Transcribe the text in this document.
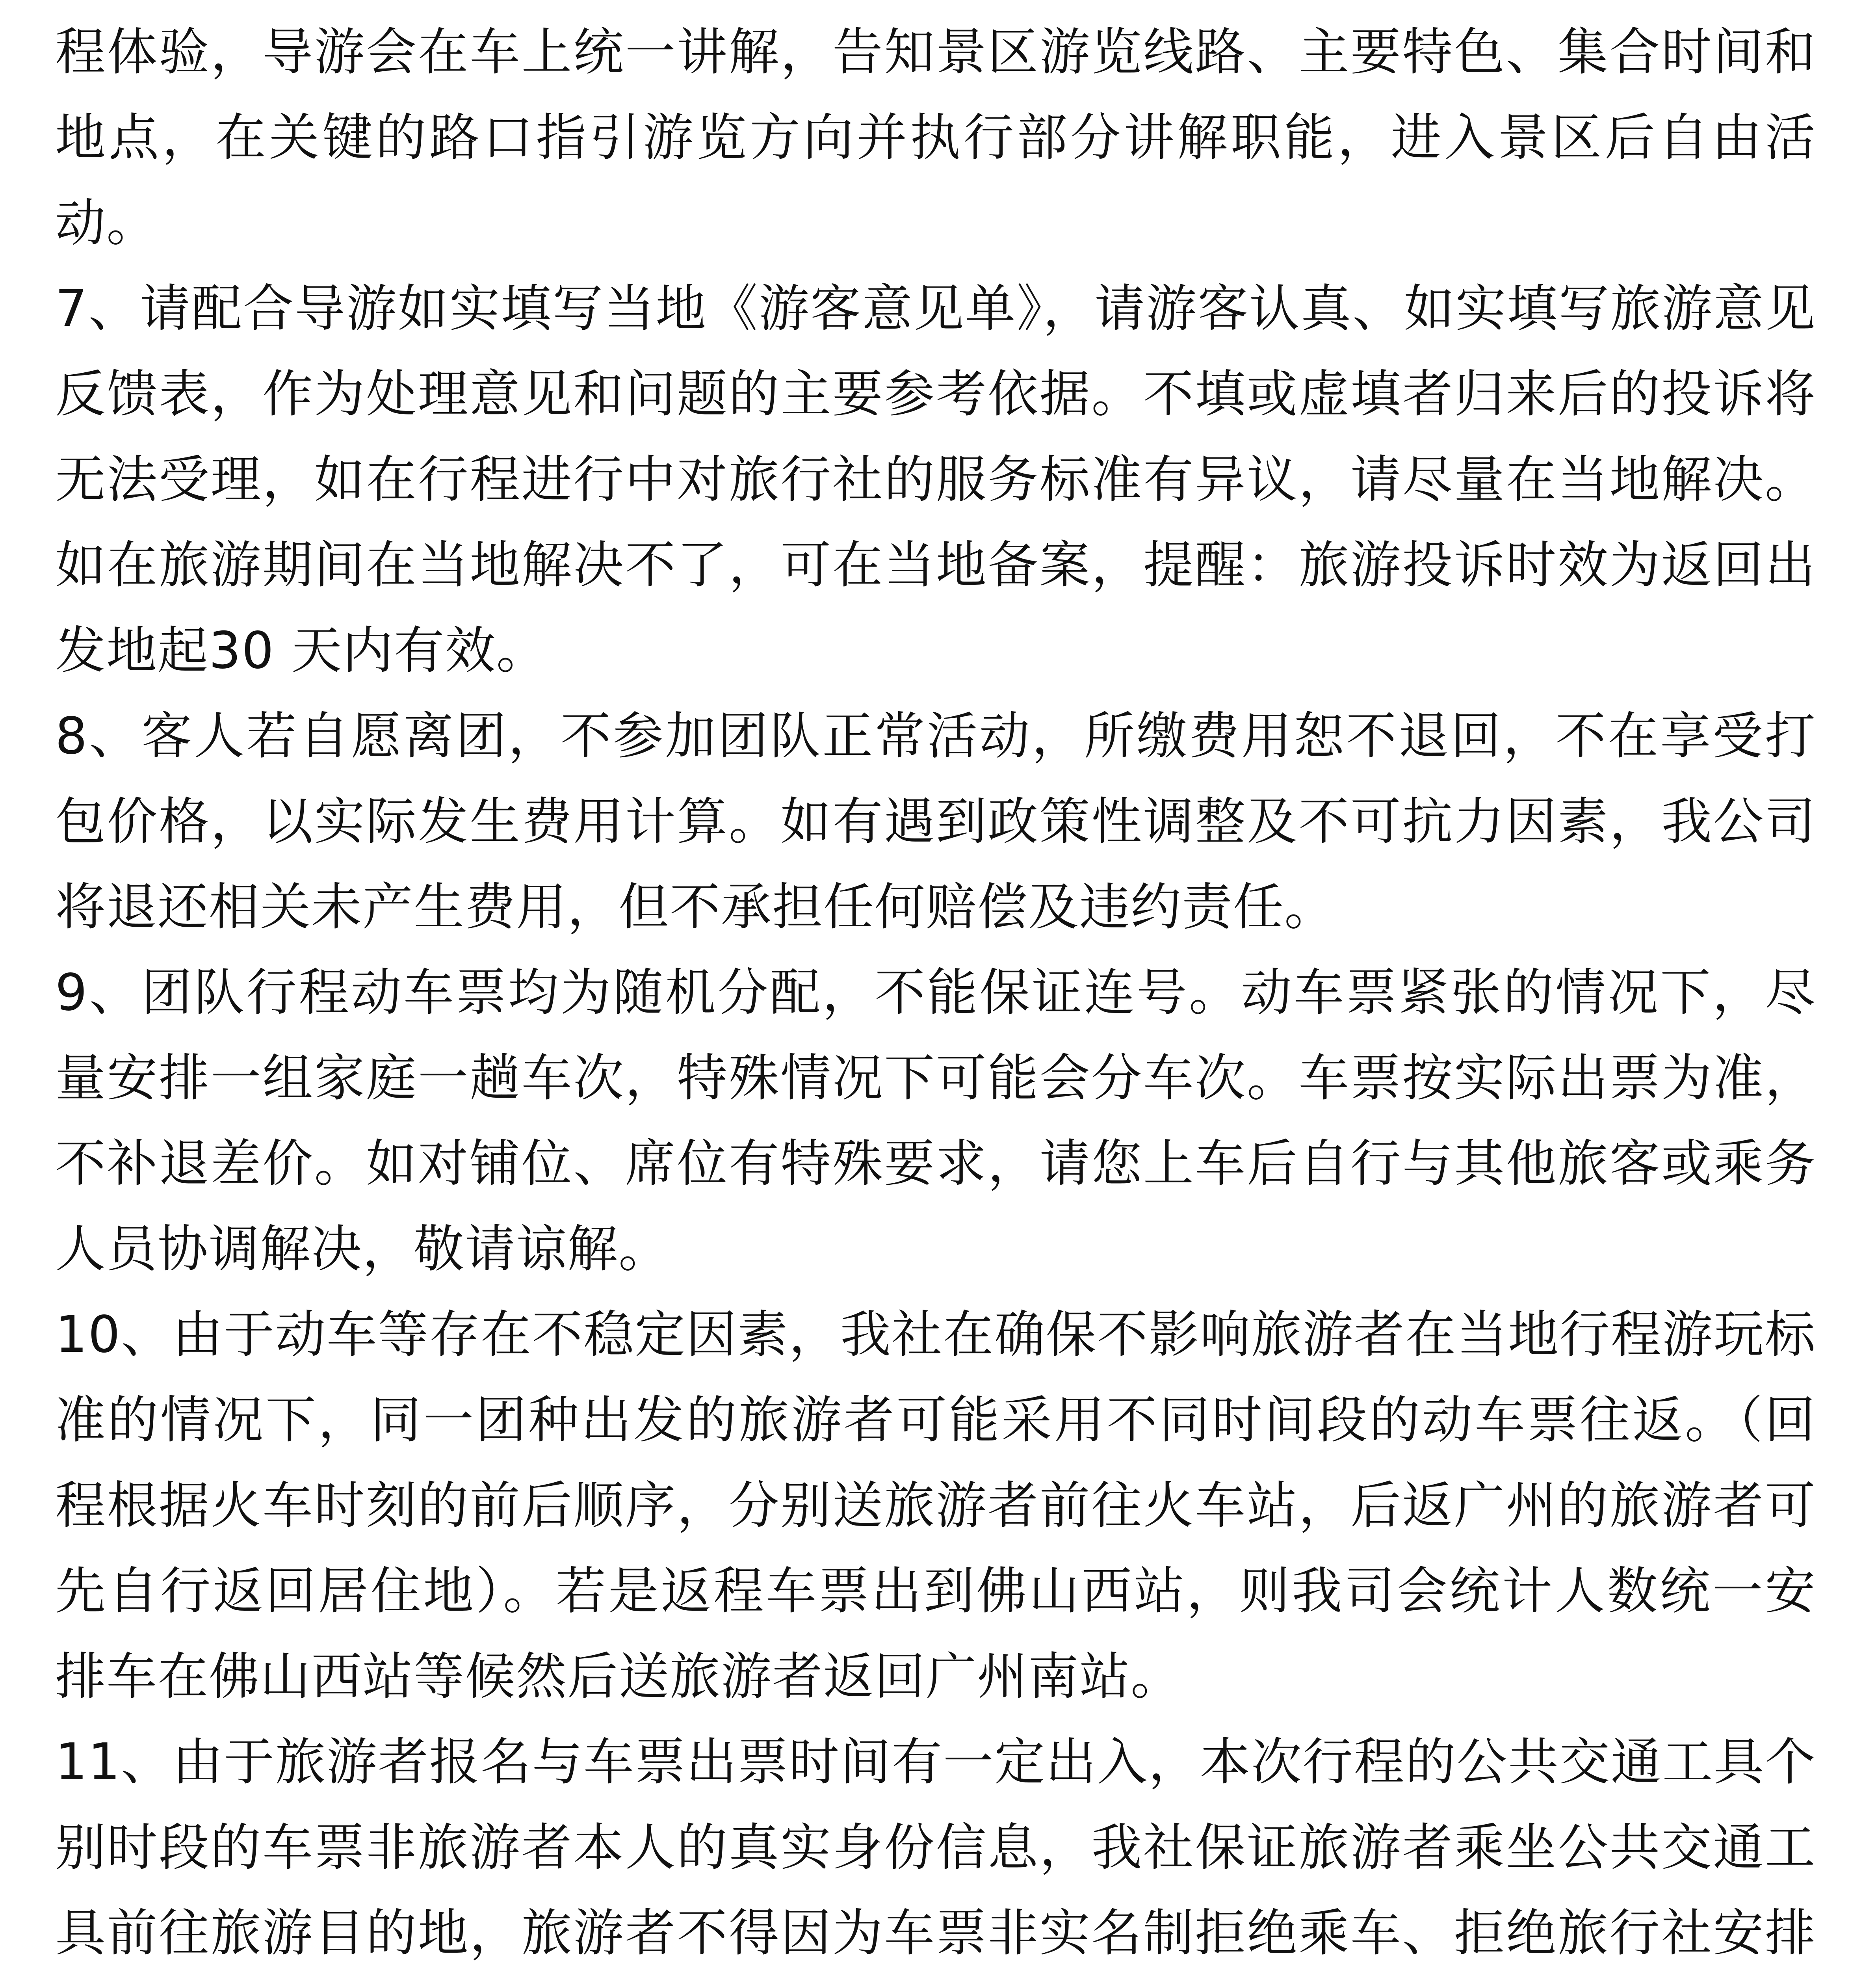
程体验，导游会在车上统一讲解，告知景区游览线路、主要特色、集合时间和地点，在关键的路口指引游览方向并执行部分讲解职能，进入景区后自由活动。

7、请配合导游如实填写当地《游客意见单》，请游客认真、如实填写旅游意见反馈表，作为处理意见和问题的主要参考依据。不填或虚填者归来后的投诉将无法受理，如在行程进行中对旅行社的服务标准有异议，请尽量在当地解决。如在旅游期间在当地解决不了，可在当地备案，提醒：旅游投诉时效为返回出发地起30 天内有效。

8、客人若自愿离团，不参加团队正常活动，所缴费用恕不退回，不在享受打包价格，以实际发生费用计算。如有遇到政策性调整及不可抗力因素，我公司将退还相关未产生费用，但不承担任何赔偿及违约责任。

9、团队行程动车票均为随机分配，不能保证连号。动车票紧张的情况下，尽量安排一组家庭一趟车次，特殊情况下可能会分车次。车票按实际出票为准，不补退差价。如对铺位、席位有特殊要求，请您上车后自行与其他旅客或乘务人员协调解决，敬请谅解。

10、由于动车等存在不稳定因素，我社在确保不影响旅游者在当地行程游玩标准的情况下，同一团种出发的旅游者可能采用不同时间段的动车票往返。（回程根据火车时刻的前后顺序，分别送旅游者前往火车站，后返广州的旅游者可先自行返回居住地）。若是返程车票出到佛山西站，则我司会统计人数统一安排车在佛山西站等候然后送旅游者返回广州南站。

11、由于旅游者报名与车票出票时间有一定出入，本次行程的公共交通工具个别时段的车票非旅游者本人的真实身份信息，我社保证旅游者乘坐公共交通工具前往旅游目的地，旅游者不得因为车票非实名制拒绝乘车、拒绝旅行社安排
